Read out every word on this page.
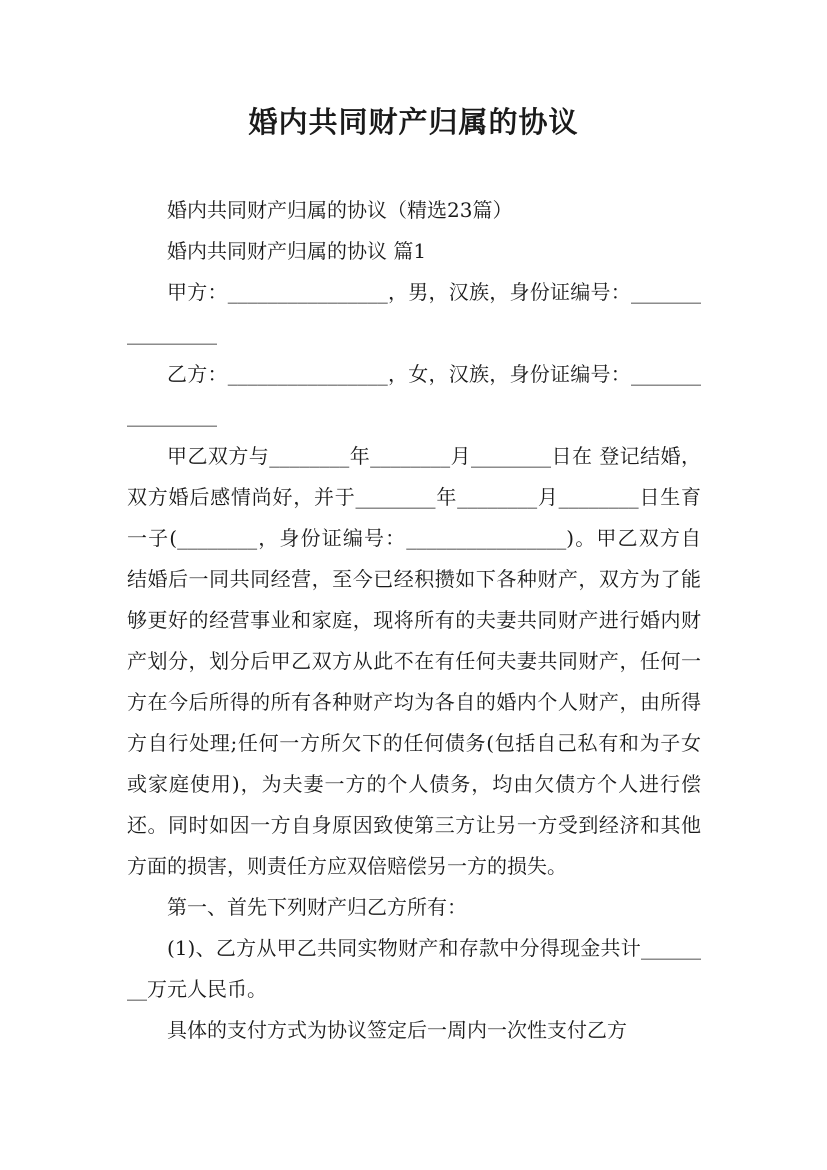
婚内共同财产归属的协议

婚内共同财产归属的协议（精选23篇）

婚内共同财产归属的协议 篇1

甲方：________________，男，汉族，身份证编号：________________

乙方：________________，女，汉族，身份证编号：________________

甲乙双方与________年________月________日在 登记结婚，双方婚后感情尚好，并于________年________月________日生育一子(________，身份证编号：________________)。甲乙双方自结婚后一同共同经营，至今已经积攒如下各种财产，双方为了能够更好的经营事业和家庭，现将所有的夫妻共同财产进行婚内财产划分，划分后甲乙双方从此不在有任何夫妻共同财产，任何一方在今后所得的所有各种财产均为各自的婚内个人财产，由所得方自行处理;任何一方所欠下的任何债务(包括自己私有和为子女或家庭使用)，为夫妻一方的个人债务，均由欠债方个人进行偿还。同时如因一方自身原因致使第三方让另一方受到经济和其他方面的损害，则责任方应双倍赔偿另一方的损失。

第一、首先下列财产归乙方所有：

(1)、乙方从甲乙共同实物财产和存款中分得现金共计________万元人民币。

具体的支付方式为协议签定后一周内一次性支付乙方
